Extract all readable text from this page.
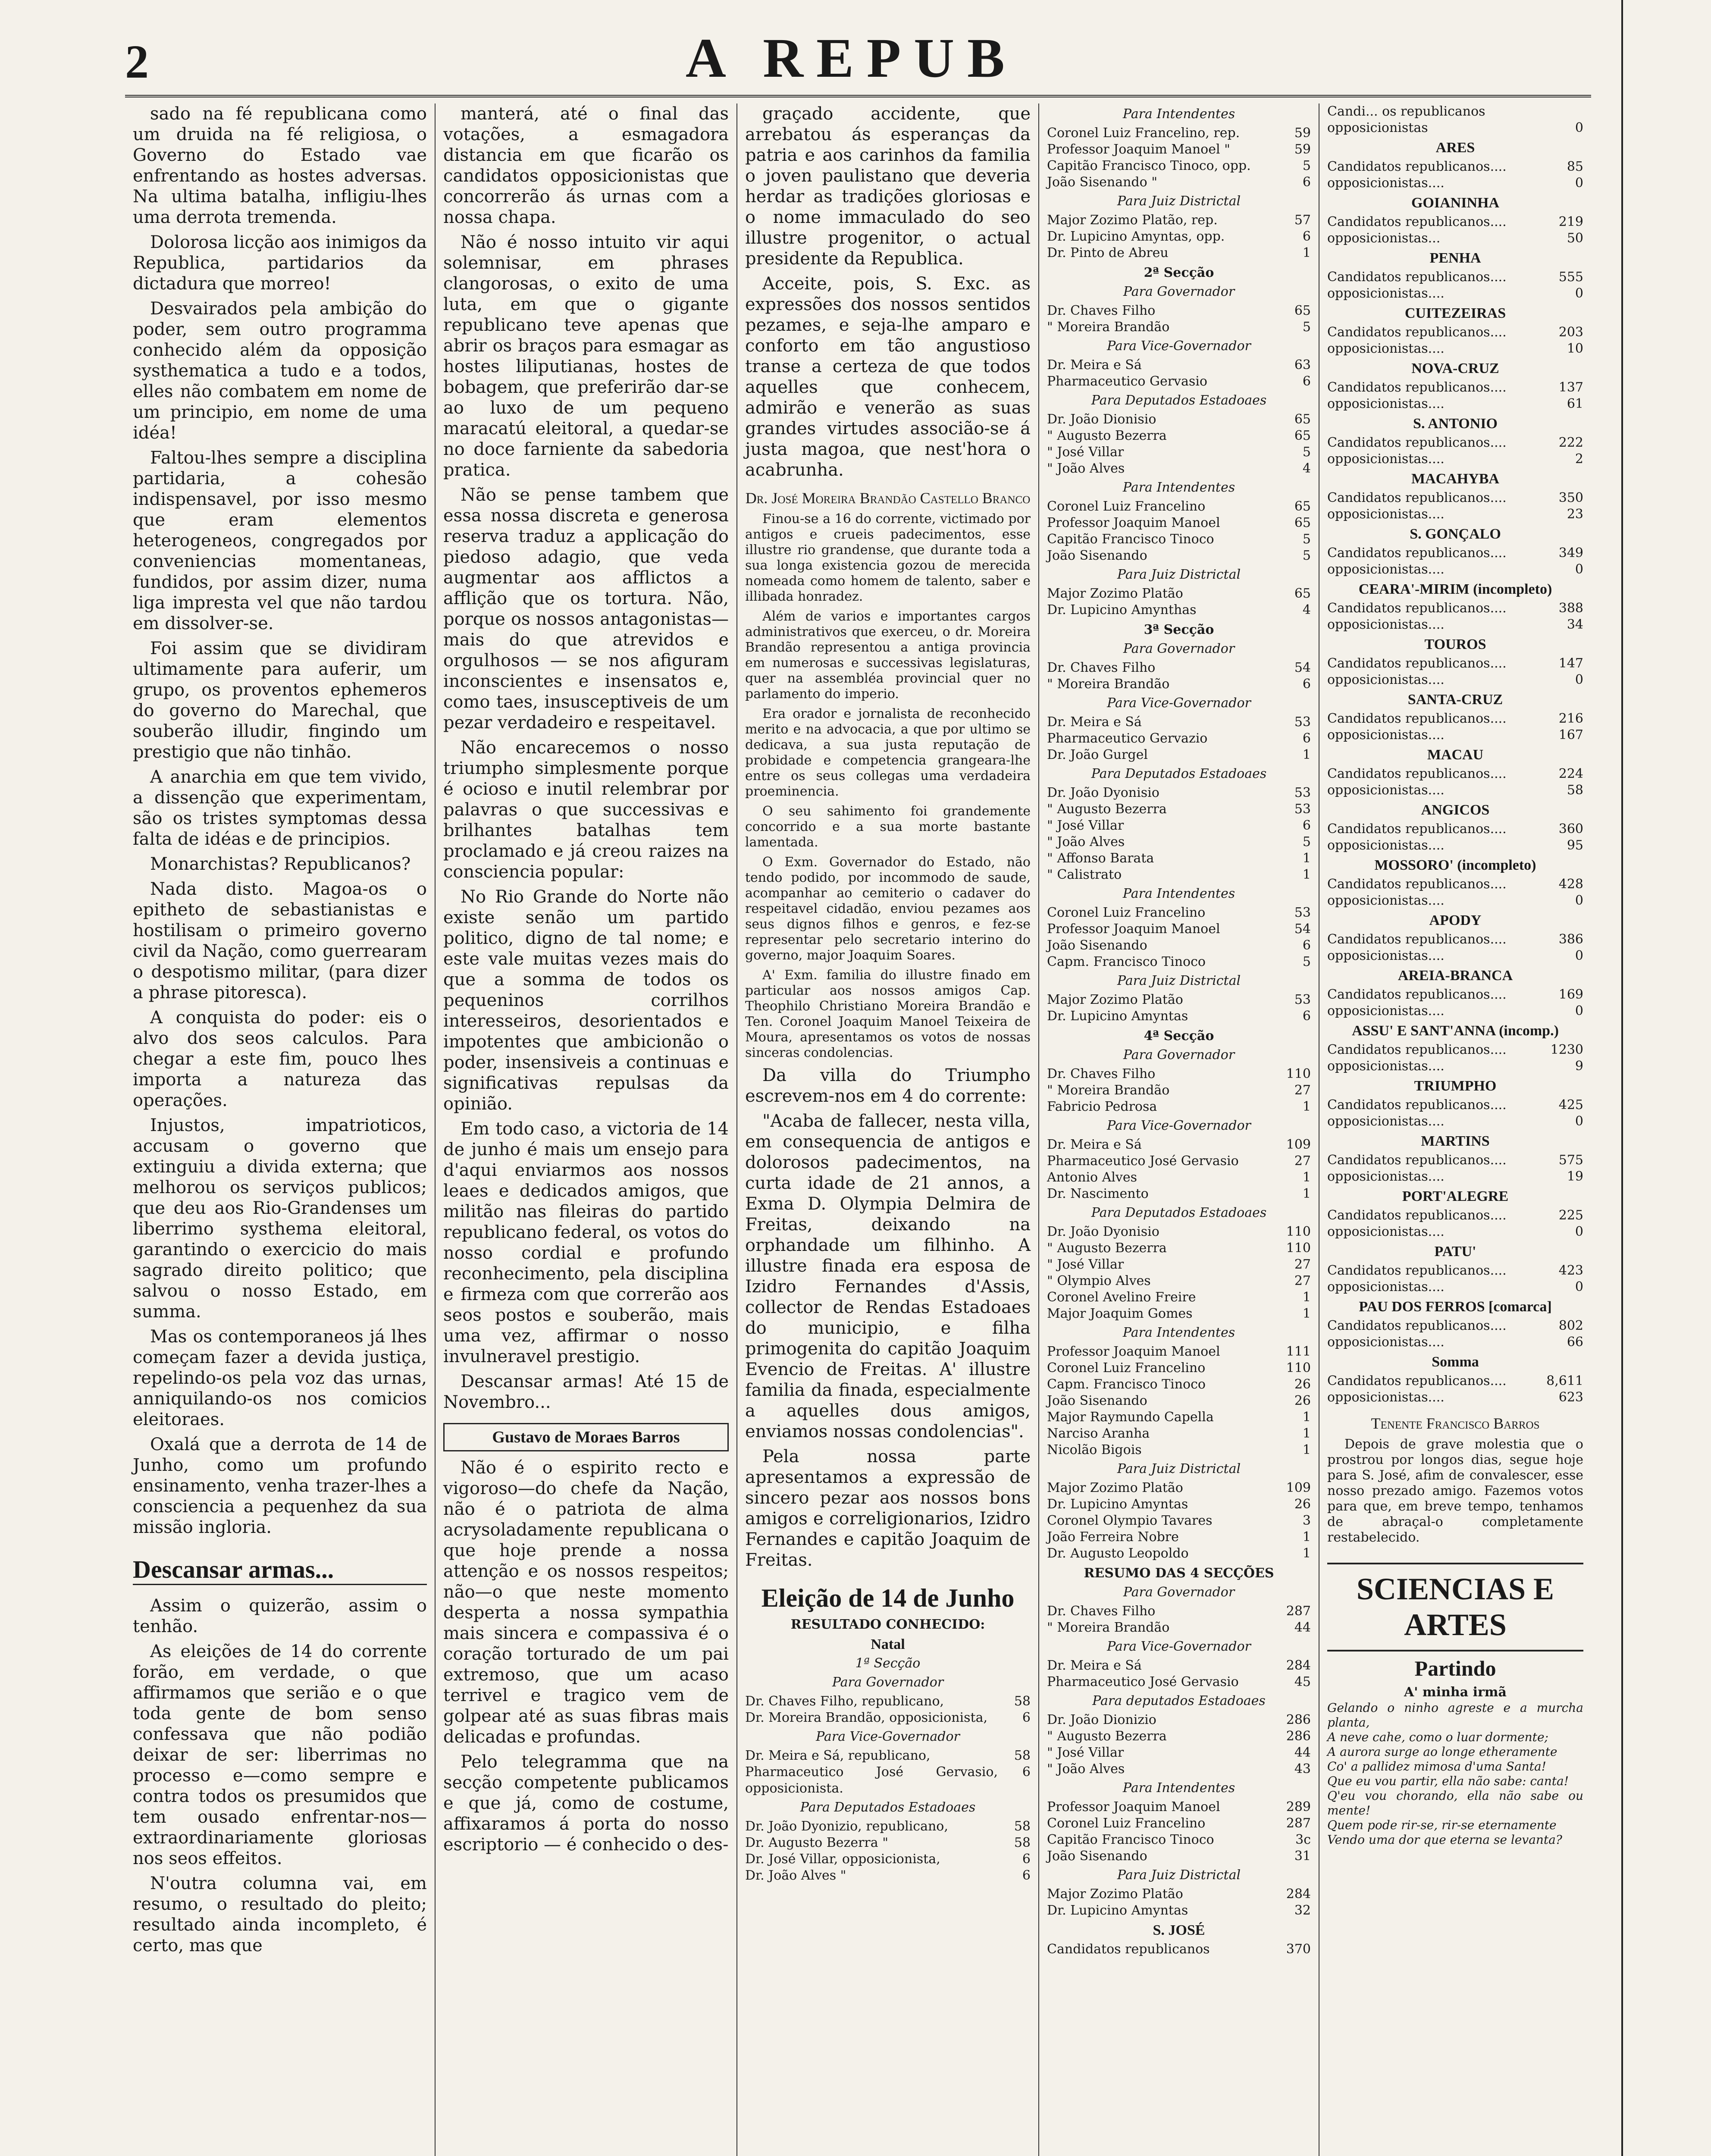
2	A REPUB

sado na fé republicana como um druida na fé religiosa, o Governo do Estado vae enfrentando as hostes adversas. Na ultima batalha, infligiu-lhes uma derrota tremenda.

Dolorosa licção aos inimigos da Republica, partidarios da dictadura que morreo!

Desvairados pela ambição do poder, sem outro programma conhecido além da opposição systhematica a tudo e a todos, elles não combatem em nome de um principio, em nome de uma idéa!

Faltou-lhes sempre a disciplina partidaria, a cohesão indispensavel, por isso mesmo que eram elementos heterogeneos, congregados por conveniencias momentaneas, fundidos, por assim dizer, numa liga impresta vel que não tardou em dissolver-se.

Foi assim que se dividiram ultimamente para auferir, um grupo, os proventos ephemeros do governo do Marechal, que souberão illudir, fingindo um prestigio que não tinhão.

A anarchia em que tem vivido, a dissenção que experimentam, são os tristes symptomas dessa falta de idéas e de principios.

Monarchistas? Republicanos?

Nada disto. Magoa-os o epitheto de sebastianistas e hostilisam o primeiro governo civil da Nação, como guerrearam o despotismo militar, (para dizer a phrase pitoresca).

A conquista do poder: eis o alvo dos seos calculos. Para chegar a este fim, pouco lhes importa a natureza das operações.

Injustos, impatrioticos, accusam o governo que extinguiu a divida externa; que melhorou os serviços publicos; que deu aos Rio-Grandenses um liberrimo systhema eleitoral, garantindo o exercicio do mais sagrado direito politico; que salvou o nosso Estado, em summa.

Mas os contemporaneos já lhes começam fazer a devida justiça, repelindo-os pela voz das urnas, anniquilando-os nos comicios eleitoraes.

Oxalá que a derrota de 14 de Junho, como um profundo ensinamento, venha trazer-lhes a consciencia a pequenhez da sua missão ingloria.

Descansar armas...

Assim o quizerão, assim o tenhão.

As eleições de 14 do corrente forão, em verdade, o que affirmamos que serião e o que toda gente de bom senso confessava que não podião deixar de ser: liberrimas no processo e—como sempre e contra todos os presumidos que tem ousado enfrentar-nos—extraordinariamente gloriosas nos seos effeitos.

N'outra columna vai, em resumo, o resultado do pleito; resultado ainda incompleto, é certo, mas que

manterá, até o final das votações, a esmagadora distancia em que ficarão os candidatos opposicionistas que concorrerão ás urnas com a nossa chapa.

Não é nosso intuito vir aqui solemnisar, em phrases clangorosas, o exito de uma luta, em que o gigante republicano teve apenas que abrir os braços para esmagar as hostes liliputianas, hostes de bobagem, que preferirão dar-se ao luxo de um pequeno maracatú eleitoral, a quedar-se no doce farniente da sabedoria pratica.

Não se pense tambem que essa nossa discreta e generosa reserva traduz a applicação do piedoso adagio, que veda augmentar aos afflictos a afflição que os tortura. Não, porque os nossos antagonistas—mais do que atrevidos e orgulhosos — se nos afiguram inconscientes e insensatos e, como taes, insusceptiveis de um pezar verdadeiro e respeitavel.

Não encarecemos o nosso triumpho simplesmente porque é ocioso e inutil relembrar por palavras o que successivas e brilhantes batalhas tem proclamado e já creou raizes na consciencia popular:

No Rio Grande do Norte não existe senão um partido politico, digno de tal nome; e este vale muitas vezes mais do que a somma de todos os pequeninos corrilhos interesseiros, desorientados e impotentes que ambicionão o poder, insensiveis a continuas e significativas repulsas da opinião.

Em todo caso, a victoria de 14 de junho é mais um ensejo para d'aqui enviarmos aos nossos leaes e dedicados amigos, que militão nas fileiras do partido republicano federal, os votos do nosso cordial e profundo reconhecimento, pela disciplina e firmeza com que correrão aos seos postos e souberão, mais uma vez, affirmar o nosso invulneravel prestigio.

Descansar armas! Até 15 de Novembro...

Gustavo de Moraes Barros

Não é o espirito recto e vigoroso—do chefe da Nação, não é o patriota de alma acrysoladamente republicana o que hoje prende a nossa attenção e os nossos respeitos; não—o que neste momento desperta a nossa sympathia mais sincera e compassiva é o coração torturado de um pai extremoso, que um acaso terrivel e tragico vem de golpear até as suas fibras mais delicadas e profundas.

Pelo telegramma que na secção competente publicamos e que já, como de costume, affixaramos á porta do nosso escriptorio — é conhecido o des-

graçado accidente, que arrebatou ás esperanças da patria e aos carinhos da familia o joven paulistano que deveria herdar as tradições gloriosas e o nome immaculado do seo illustre progenitor, o actual presidente da Republica.

Acceite, pois, S. Exc. as expressões dos nossos sentidos pezames, e seja-lhe amparo e conforto em tão angustioso transe a certeza de que todos aquelles que conhecem, admirão e venerão as suas grandes virtudes associão-se á justa magoa, que nest'hora o acabrunha.

Dr. José Moreira Brandão Castello Branco

Finou-se a 16 do corrente, victimado por antigos e crueis padecimentos, esse illustre rio grandense, que durante toda a sua longa existencia gozou de merecida nomeada como homem de talento, saber e illibada honradez.

Além de varios e importantes cargos administrativos que exerceu, o dr. Moreira Brandão representou a antiga provincia em numerosas e successivas legislaturas, quer na assembléa provincial quer no parlamento do imperio.

Era orador e jornalista de reconhecido merito e na advocacia, a que por ultimo se dedicava, a sua justa reputação de probidade e competencia grangeara-lhe entre os seus collegas uma verdadeira proeminencia.

O seu sahimento foi grandemente concorrido e a sua morte bastante lamentada.

O Exm. Governador do Estado, não tendo podido, por incommodo de saude, acompanhar ao cemiterio o cadaver do respeitavel cidadão, enviou pezames aos seus dignos filhos e genros, e fez-se representar pelo secretario interino do governo, major Joaquim Soares.

A' Exm. familia do illustre finado em particular aos nossos amigos Cap. Theophilo Christiano Moreira Brandão e Ten. Coronel Joaquim Manoel Teixeira de Moura, apresentamos os votos de nossas sinceras condolencias.

Da villa do Triumpho escrevem-nos em 4 do corrente:

"Acaba de fallecer, nesta villa, em consequencia de antigos e dolorosos padecimentos, na curta idade de 21 annos, a Exma D. Olympia Delmira de Freitas, deixando na orphandade um filhinho. A illustre finada era esposa de Izidro Fernandes d'Assis, collector de Rendas Estadoaes do municipio, e filha primogenita do capitão Joaquim Evencio de Freitas. A' illustre familia da finada, especialmente a aquelles dous amigos, enviamos nossas condolencias".

Pela nossa parte apresentamos a expressão de sincero pezar aos nossos bons amigos e correligionarios, Izidro Fernandes e capitão Joaquim de Freitas.

Eleição de 14 de Junho
RESULTADO CONHECIDO:
Natal
1ª Secção
Para Governador
Dr. Chaves Filho, republicano,	58
Dr. Moreira Brandão, opposicionista,	6
Para Vice-Governador
Dr. Meira e Sá, republicano,	58
Pharmaceutico José Gervasio, opposicionista.
6
Para Deputados Estadoaes
Dr. João Dyonizio, republicano,	58
Dr. Augusto Bezerra "	58
Dr. José Villar, opposicionista,	6
Dr. João Alves "	6
Para Intendentes
Coronel Luiz Francelino, rep.	59
Professor Joaquim Manoel "	59
Capitão Francisco Tinoco, opp.	5
João Sisenando "	6
Para Juiz Districtal
Major Zozimo Platão, rep.	57
Dr. Lupicino Amyntas, opp.	6
Dr. Pinto de Abreu	1
2ª Secção
Para Governador
Dr. Chaves Filho	65
" Moreira Brandão	5
Para Vice-Governador
Dr. Meira e Sá	63
Pharmaceutico Gervasio	6
Para Deputados Estadoaes
Dr. João Dionisio	65
" Augusto Bezerra	65
" José Villar	5
" João Alves	4
Para Intendentes
Coronel Luiz Francelino	65
Professor Joaquim Manoel	65
Capitão Francisco Tinoco	5
João Sisenando	5
Para Juiz Districtal
Major Zozimo Platão	65
Dr. Lupicino Amynthas	4
3ª Secção
Para Governador
Dr. Chaves Filho	54
" Moreira Brandão	6
Para Vice-Governador
Dr. Meira e Sá	53
Pharmaceutico Gervazio	6
Dr. João Gurgel	1
Para Deputados Estadoaes
Dr. João Dyonisio	53
" Augusto Bezerra	53
" José Villar	6
" João Alves	5
" Affonso Barata	1
" Calistrato	1
Para Intendentes
Coronel Luiz Francelino	53
Professor Joaquim Manoel	54
João Sisenando	6
Capm. Francisco Tinoco	5
Para Juiz Districtal
Major Zozimo Platão	53
Dr. Lupicino Amyntas	6
4ª Secção
Para Governador
Dr. Chaves Filho	110
" Moreira Brandão	27
Fabricio Pedrosa	1
Para Vice-Governador
Dr. Meira e Sá	109
Pharmaceutico José Gervasio	27
Antonio Alves	1
Dr. Nascimento	1
Para Deputados Estadoaes
Dr. João Dyonisio	110
" Augusto Bezerra	110
" José Villar	27
" Olympio Alves	27
Coronel Avelino Freire	1
Major Joaquim Gomes	1
Para Intendentes
Professor Joaquim Manoel	111
Coronel Luiz Francelino	110
Capm. Francisco Tinoco	26
João Sisenando	26
Major Raymundo Capella	1
Narciso Aranha	1
Nicolão Bigois	1
Para Juiz Districtal
Major Zozimo Platão	109
Dr. Lupicino Amyntas	26
Coronel Olympio Tavares	3
João Ferreira Nobre	1
Dr. Augusto Leopoldo	1
RESUMO DAS 4 SECÇÕES
Para Governador
Dr. Chaves Filho	287
" Moreira Brandão	44
Para Vice-Governador
Dr. Meira e Sá	284
Pharmaceutico José Gervasio	45
Para deputados Estadoaes
Dr. João Dionizio	286
" Augusto Bezerra	286
" José Villar	44
" João Alves	43
Para Intendentes
Professor Joaquim Manoel	289
Coronel Luiz Francelino	287
Capitão Francisco Tinoco	3c
João Sisenando	31
Para Juiz Districtal
Major Zozimo Platão	284
Dr. Lupicino Amyntas	32
S. JOSÉ
Candidatos republicanos	370
Candi... os republicanos
opposicionistas	0
ARES
Candidatos republicanos....	85
opposicionistas....	0
GOIANINHA
Candidatos republicanos....	219
opposicionistas...	50
PENHA
Candidatos republicanos....	555
opposicionistas....	0
CUITEZEIRAS
Candidatos republicanos....	203
opposicionistas....	10
NOVA-CRUZ
Candidatos republicanos....	137
opposicionistas....	61
S. ANTONIO
Candidatos republicanos....	222
opposicionistas....	2
MACAHYBA
Candidatos republicanos....	350
opposicionistas....	23
S. GONÇALO
Candidatos republicanos....	349
opposicionistas....	0
CEARA'-MIRIM (incompleto)
Candidatos republicanos....	388
opposicionistas....	34
TOUROS
Candidatos republicanos....	147
opposicionistas....	0
SANTA-CRUZ
Candidatos republicanos....	216
opposicionistas....	167
MACAU
Candidatos republicanos....	224
opposicionistas....	58
ANGICOS
Candidatos republicanos....	360
opposicionistas....	95
MOSSORO' (incompleto)
Candidatos republicanos....	428
opposicionistas....	0
APODY
Candidatos republicanos....	386
opposicionistas....	0
AREIA-BRANCA
Candidatos republicanos....	169
opposicionistas....	0
ASSU' E SANT'ANNA (incomp.)
Candidatos republicanos....	1230
opposicionistas....	9
TRIUMPHO
Candidatos republicanos....	425
opposicionistas....	0
MARTINS
Candidatos republicanos....	575
opposicionistas....	19
PORT'ALEGRE
Candidatos republicanos....	225
opposicionistas....	0
PATU'
Candidatos republicanos....	423
opposicionistas....	0
PAU DOS FERROS [comarca]
Candidatos republicanos....	802
opposicionistas....	66
Somma
Candidatos republicanos....	8,611
opposicionistas....	623
Tenente Francisco Barros

Depois de grave molestia que o prostrou por longos dias, segue hoje para S. José, afim de convalescer, esse nosso prezado amigo. Fazemos votos para que, em breve tempo, tenhamos de abraçal-o completamente restabelecido.

SCIENCIAS E ARTES
Partindo
A' minha irmã
Gelando o ninho agreste e a murcha planta,
A neve cahe, como o luar dormente;
A aurora surge ao longe etheramente
Co' a pallidez mimosa d'uma Santa!
Que eu vou partir, ella não sabe: canta!
Q'eu vou chorando, ella não sabe ou mente!
Quem pode rir-se, rir-se eternamente
Vendo uma dor que eterna se levanta?
